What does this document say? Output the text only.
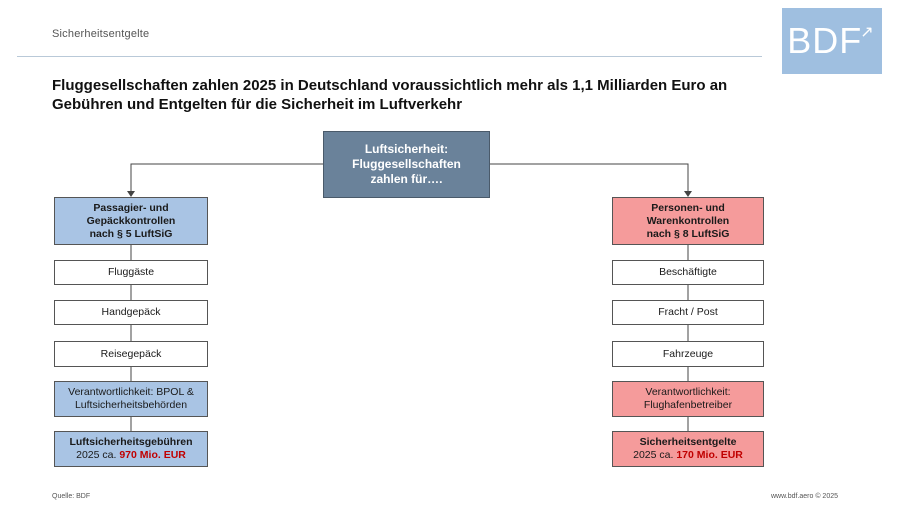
Sicherheitsentgelte	BDF↗
Fluggesellschaften zahlen 2025 in Deutschland voraussichtlich mehr als 1,1 Milliarden Euro an Gebühren und Entgelten für die Sicherheit im Luftverkehr
Luftsicherheit:
Fluggesellschaften
zahlen für….
Passagier- und
Gepäckkontrollen
nach § 5 LuftSiG
Fluggäste
Handgepäck
Reisegepäck
Verantwortlichkeit: BPOL &
Luftsicherheitsbehörden
Luftsicherheitsgebühren
2025 ca. 970 Mio. EUR
Personen- und
Warenkontrollen
nach § 8 LuftSiG
Beschäftigte
Fracht / Post
Fahrzeuge
Verantwortlichkeit:
Flughafenbetreiber
Sicherheitsentgelte
2025 ca. 170 Mio. EUR
Quelle: BDF	www.bdf.aero © 2025
